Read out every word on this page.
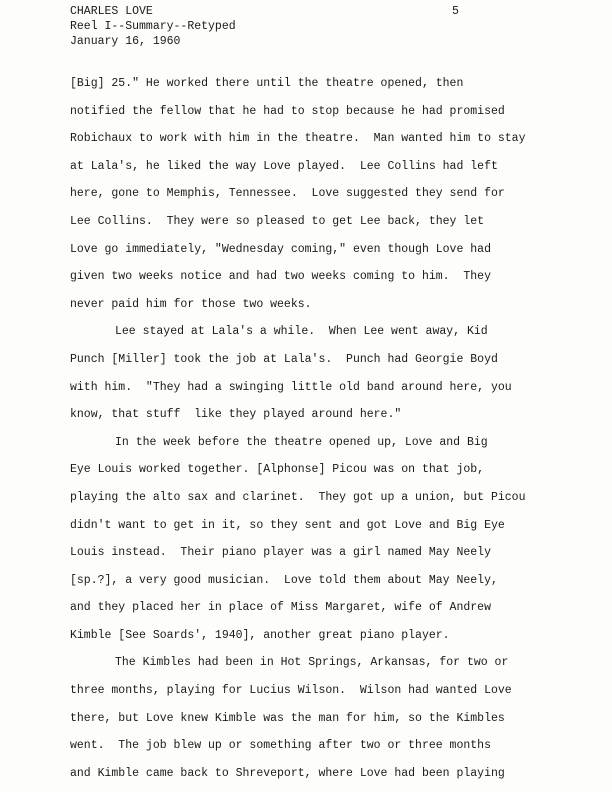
CHARLES LOVE
Reel I--Summary--Retyped
January 16, 1960
5
[Big] 25." He worked there until the theatre opened, then
notified the fellow that he had to stop because he had promised
Robichaux to work with him in the theatre.  Man wanted him to stay
at Lala's, he liked the way Love played.  Lee Collins had left
here, gone to Memphis, Tennessee.  Love suggested they send for
Lee Collins.  They were so pleased to get Lee back, they let
Love go immediately, "Wednesday coming," even though Love had
given two weeks notice and had two weeks coming to him.  They
never paid him for those two weeks.
Lee stayed at Lala's a while.  When Lee went away, Kid
Punch [Miller] took the job at Lala's.  Punch had Georgie Boyd
with him.  "They had a swinging little old band around here, you
know, that stuff  like they played around here."
In the week before the theatre opened up, Love and Big
Eye Louis worked together. [Alphonse] Picou was on that job,
playing the alto sax and clarinet.  They got up a union, but Picou
didn't want to get in it, so they sent and got Love and Big Eye
Louis instead.  Their piano player was a girl named May Neely
[sp.?], a very good musician.  Love told them about May Neely,
and they placed her in place of Miss Margaret, wife of Andrew
Kimble [See Soards', 1940], another great piano player.
The Kimbles had been in Hot Springs, Arkansas, for two or
three months, playing for Lucius Wilson.  Wilson had wanted Love
there, but Love knew Kimble was the man for him, so the Kimbles
went.  The job blew up or something after two or three months
and Kimble came back to Shreveport, where Love had been playing
